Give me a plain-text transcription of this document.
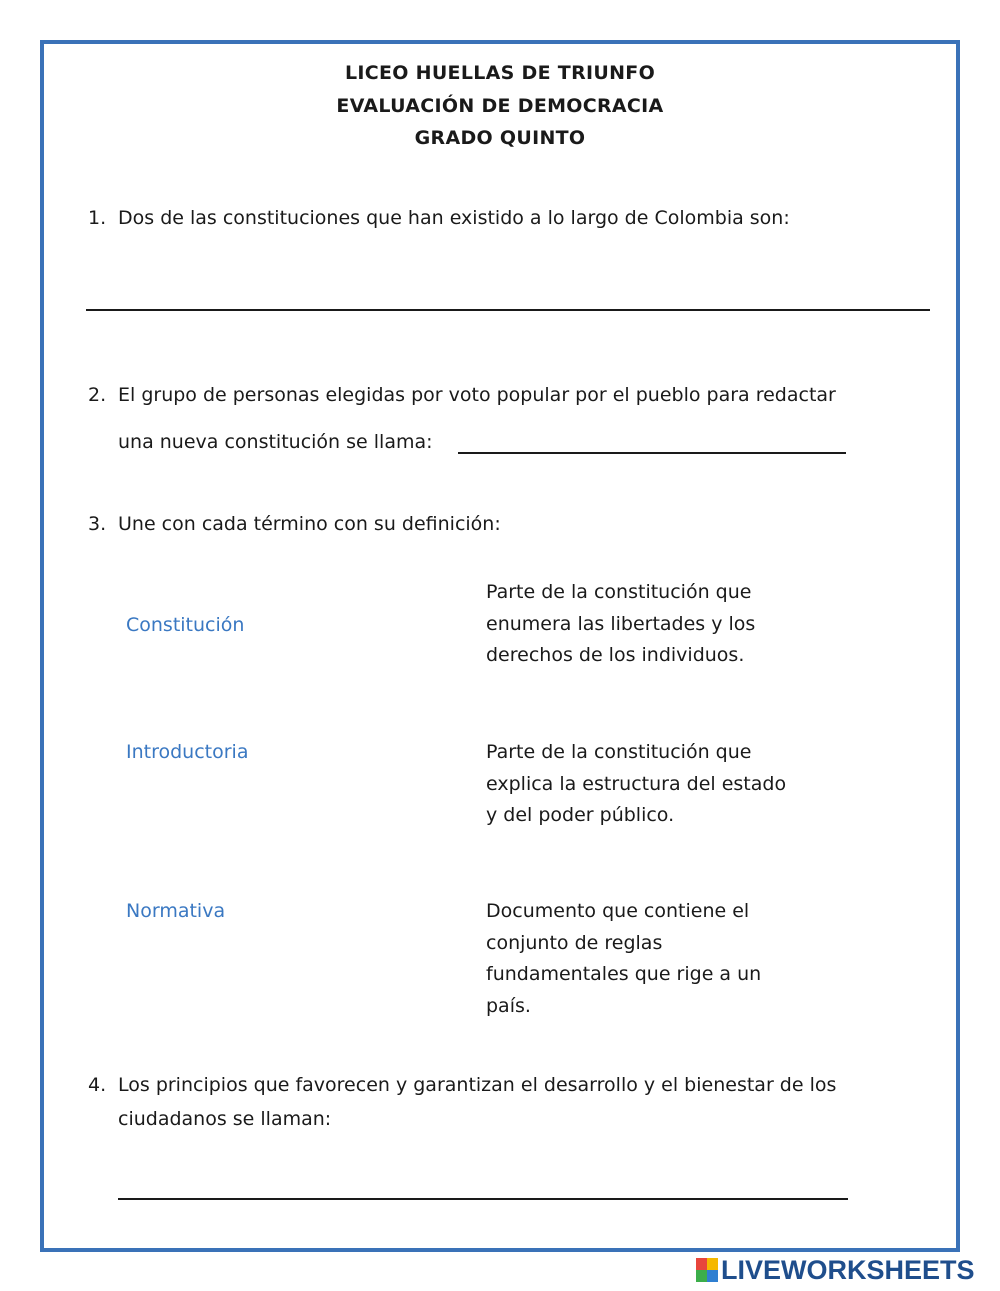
LICEO HUELLAS DE TRIUNFO
EVALUACIÓN DE DEMOCRACIA
GRADO QUINTO
1. Dos de las constituciones que han existido a lo largo de Colombia son:
2. El grupo de personas elegidas por voto popular por el pueblo para redactar
una nueva constitución se llama:
3. Une con cada término con su definición:
Constitución
Introductoria
Normativa
Parte de la constitución que
enumera las libertades y los
derechos de los individuos.
Parte de la constitución que
explica la estructura del estado
y del poder público.
Documento que contiene el
conjunto de reglas
fundamentales que rige a un
país.
4. Los principios que favorecen y garantizan el desarrollo y el bienestar de los
ciudadanos se llaman:
LIVEWORKSHEETS
